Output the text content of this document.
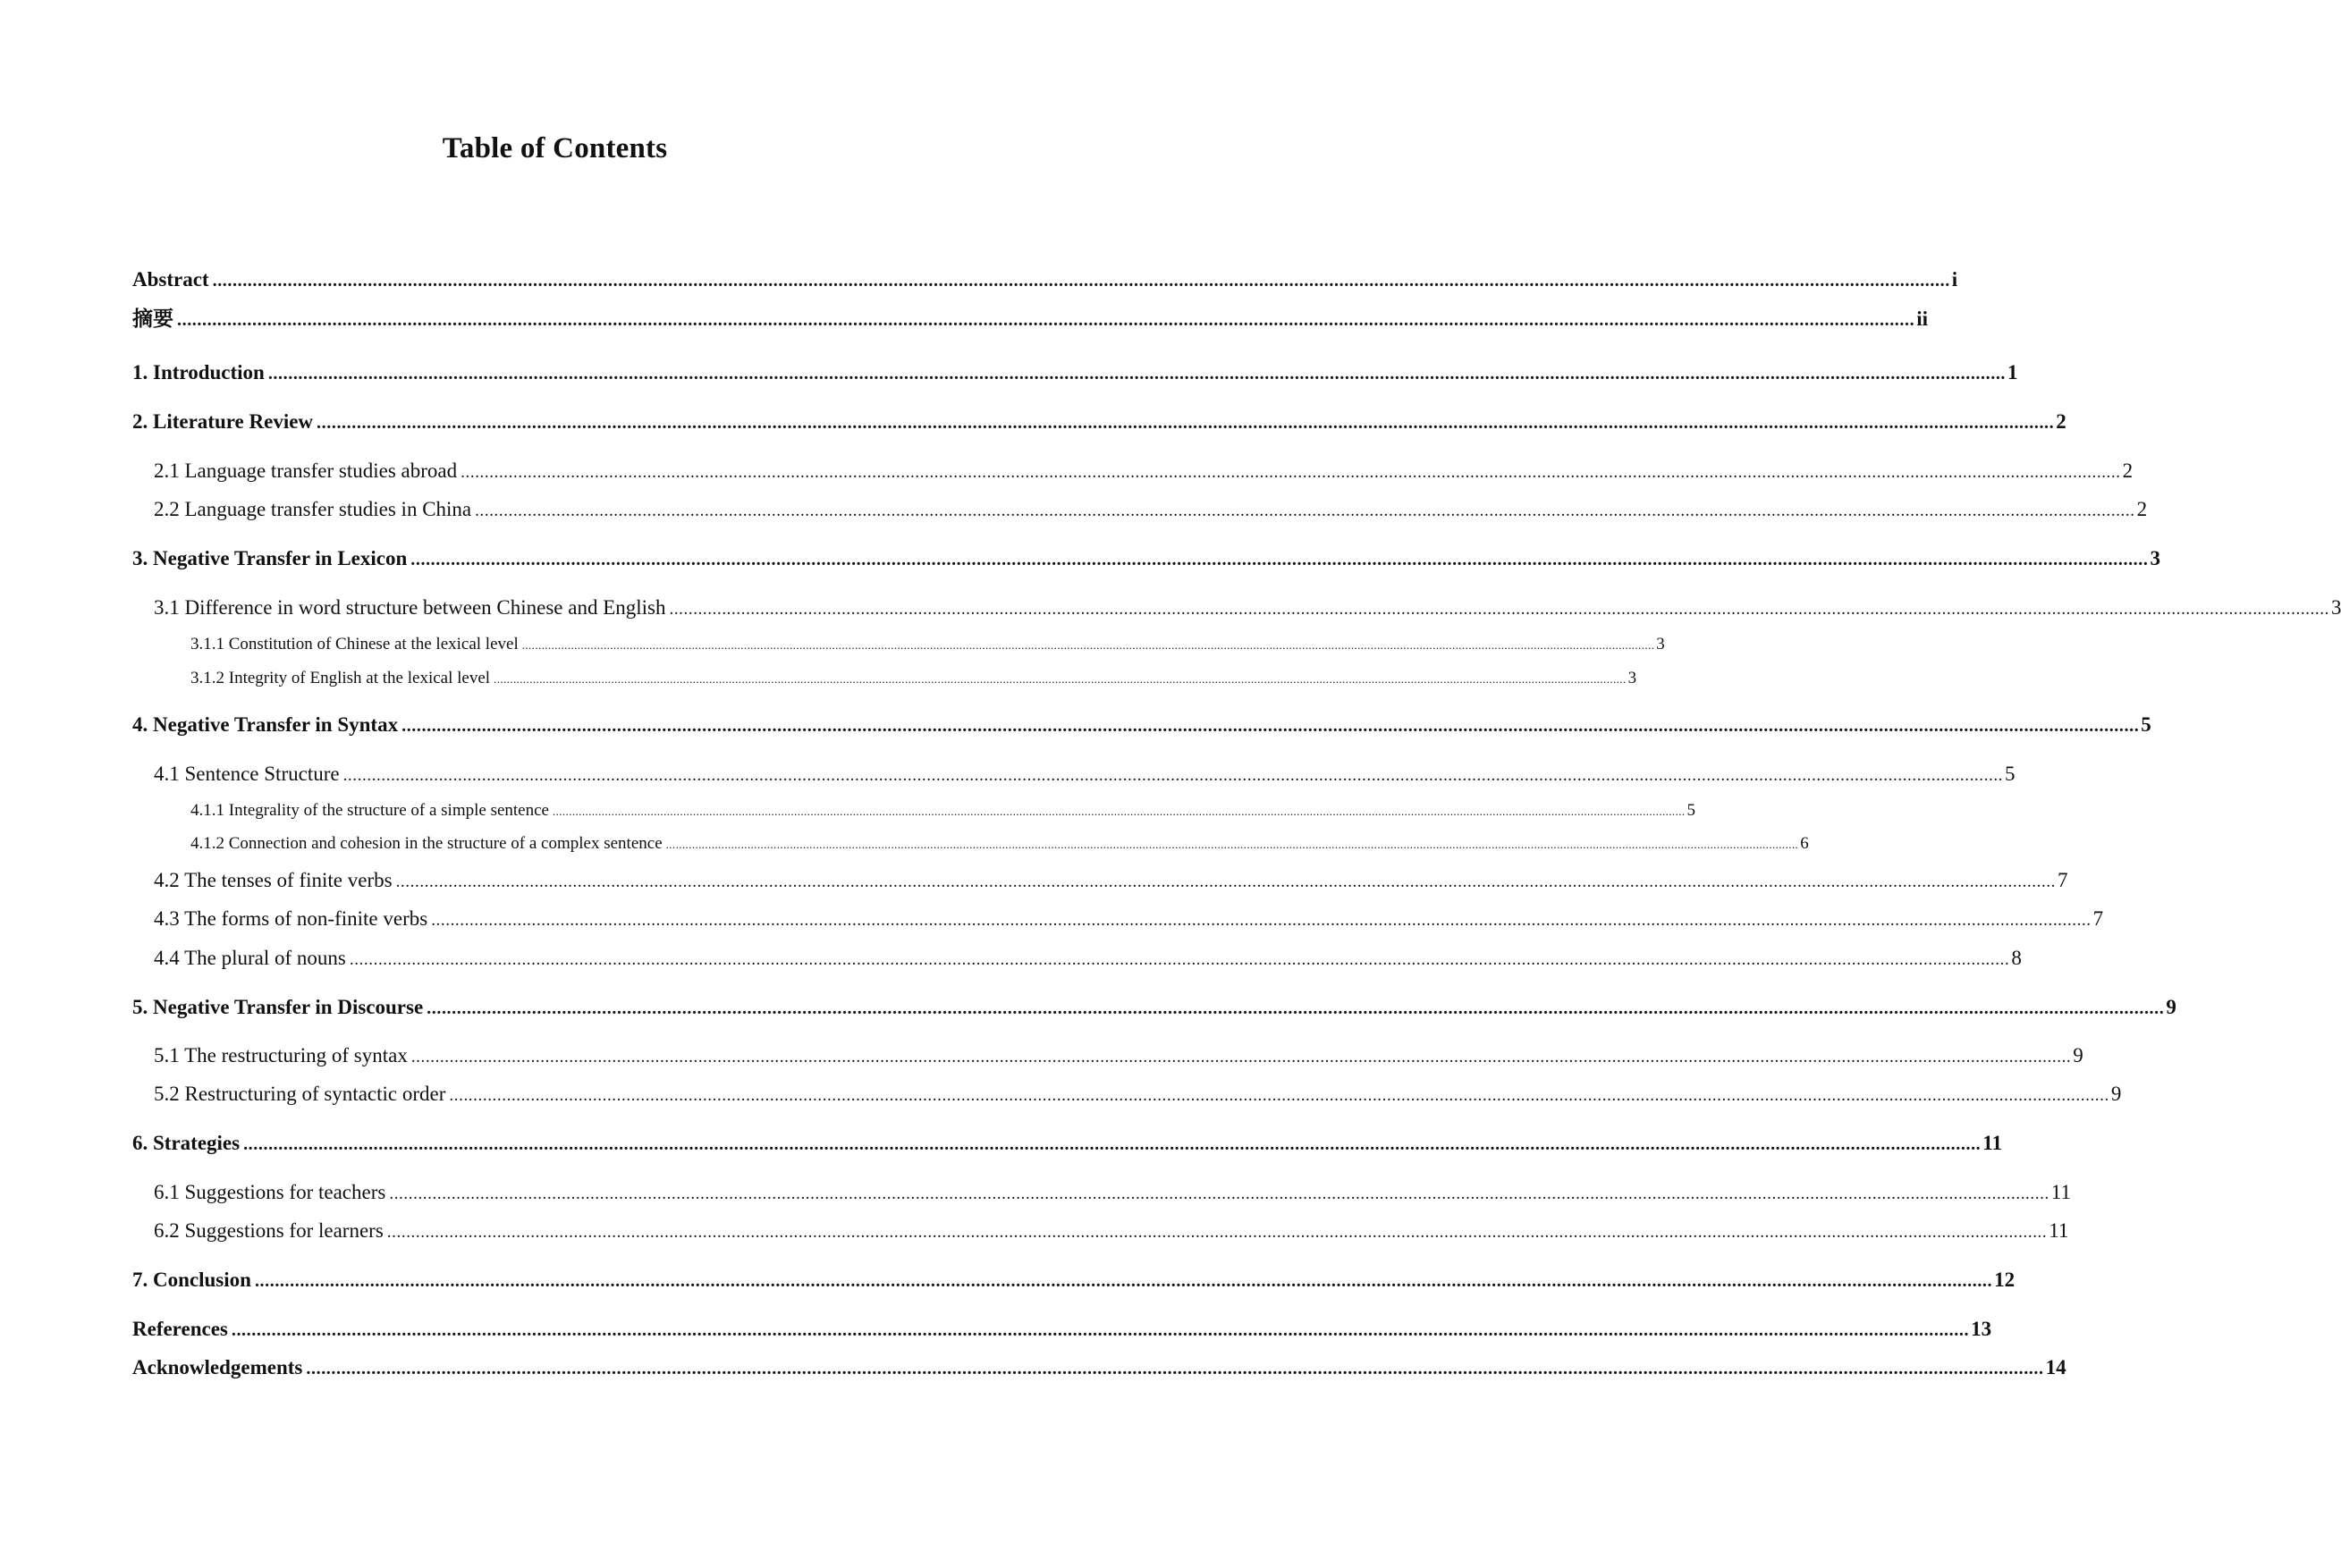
Table of Contents
Abstract ........................................................................................................................................................................................................................................................................................................................................................... i
摘要 ........................................................................................................................................................................................................................................................................................................................................................... ii
1. Introduction ........................................................................................................................................................................................................................................................................................................................................................... 1
2. Literature Review ........................................................................................................................................................................................................................................................................................................................................................... 2
2.1 Language transfer studies abroad ........................................................................................................................................................................................................................................................................................................................................................... 2
2.2 Language transfer studies in China ........................................................................................................................................................................................................................................................................................................................................................... 2
3. Negative Transfer in Lexicon ........................................................................................................................................................................................................................................................................................................................................................... 3
3.1 Difference in word structure between Chinese and English ........................................................................................................................................................................................................................................................................................................................................................... 3
3.1.1 Constitution of Chinese at the lexical level ........................................................................................................................................................................................................................................................................................................................................................... 3
3.1.2 Integrity of English at the lexical level ........................................................................................................................................................................................................................................................................................................................................................... 3
4. Negative Transfer in Syntax ........................................................................................................................................................................................................................................................................................................................................................... 5
4.1 Sentence Structure ........................................................................................................................................................................................................................................................................................................................................................... 5
4.1.1 Integrality of the structure of a simple sentence ........................................................................................................................................................................................................................................................................................................................................................... 5
4.1.2 Connection and cohesion in the structure of a complex sentence ........................................................................................................................................................................................................................................................................................................................................................... 6
4.2 The tenses of finite verbs ........................................................................................................................................................................................................................................................................................................................................................... 7
4.3 The forms of non-finite verbs ........................................................................................................................................................................................................................................................................................................................................................... 7
4.4 The plural of nouns ........................................................................................................................................................................................................................................................................................................................................................... 8
5. Negative Transfer in Discourse ........................................................................................................................................................................................................................................................................................................................................................... 9
5.1 The restructuring of syntax ........................................................................................................................................................................................................................................................................................................................................................... 9
5.2 Restructuring of syntactic order ........................................................................................................................................................................................................................................................................................................................................................... 9
6. Strategies ........................................................................................................................................................................................................................................................................................................................................................... 11
6.1 Suggestions for teachers ........................................................................................................................................................................................................................................................................................................................................................... 11
6.2 Suggestions for learners ........................................................................................................................................................................................................................................................................................................................................................... 11
7. Conclusion ........................................................................................................................................................................................................................................................................................................................................................... 12
References ........................................................................................................................................................................................................................................................................................................................................................... 13
Acknowledgements ........................................................................................................................................................................................................................................................................................................................................................... 14
